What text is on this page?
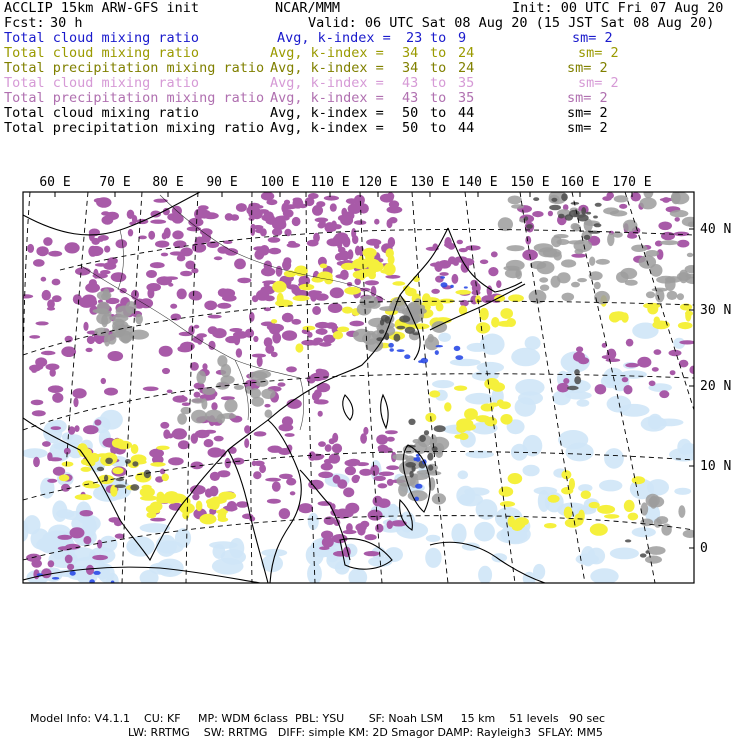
ACCLIP 15km ARW-GFS init	NCAR/MMM	Init: 00 UTC Fri 07 Aug 20
Fcst: 30 h	Valid: 06 UTC Sat 08 Aug 20 (15 JST Sat 08 Aug 20)
Total cloud mixing ratio	Avg, k-index = 23 to 9	sm= 2
Total cloud mixing ratio	Avg, k-index = 34 to 24	sm= 2
Total precipitation mixing ratio Avg, k-index = 34 to 24	sm= 2
Total cloud mixing ratio	Avg, k-index = 43 to 35	sm= 2
Total precipitation mixing ratio Avg, k-index = 43 to 35	sm= 2
Total cloud mixing ratio	Avg, k-index = 50 to 44	sm= 2
Total precipitation mixing ratio Avg, k-index = 50 to 44	sm= 2
60 E 70 E 80 E 90 E 100 E 110 E 120 E 130 E 140 E 150 E 160 E 170 E
40 N
30 N
20 N
10 N
0
Model Info: V4.1.1    CU: KF     MP: WDM 6class  PBL: YSU       SF: Noah LSM     15 km    51 levels   90 sec
LW: RRTMG    SW: RRTMG   DIFF: simple KM: 2D Smagor DAMP: Rayleigh3  SFLAY: MM5
